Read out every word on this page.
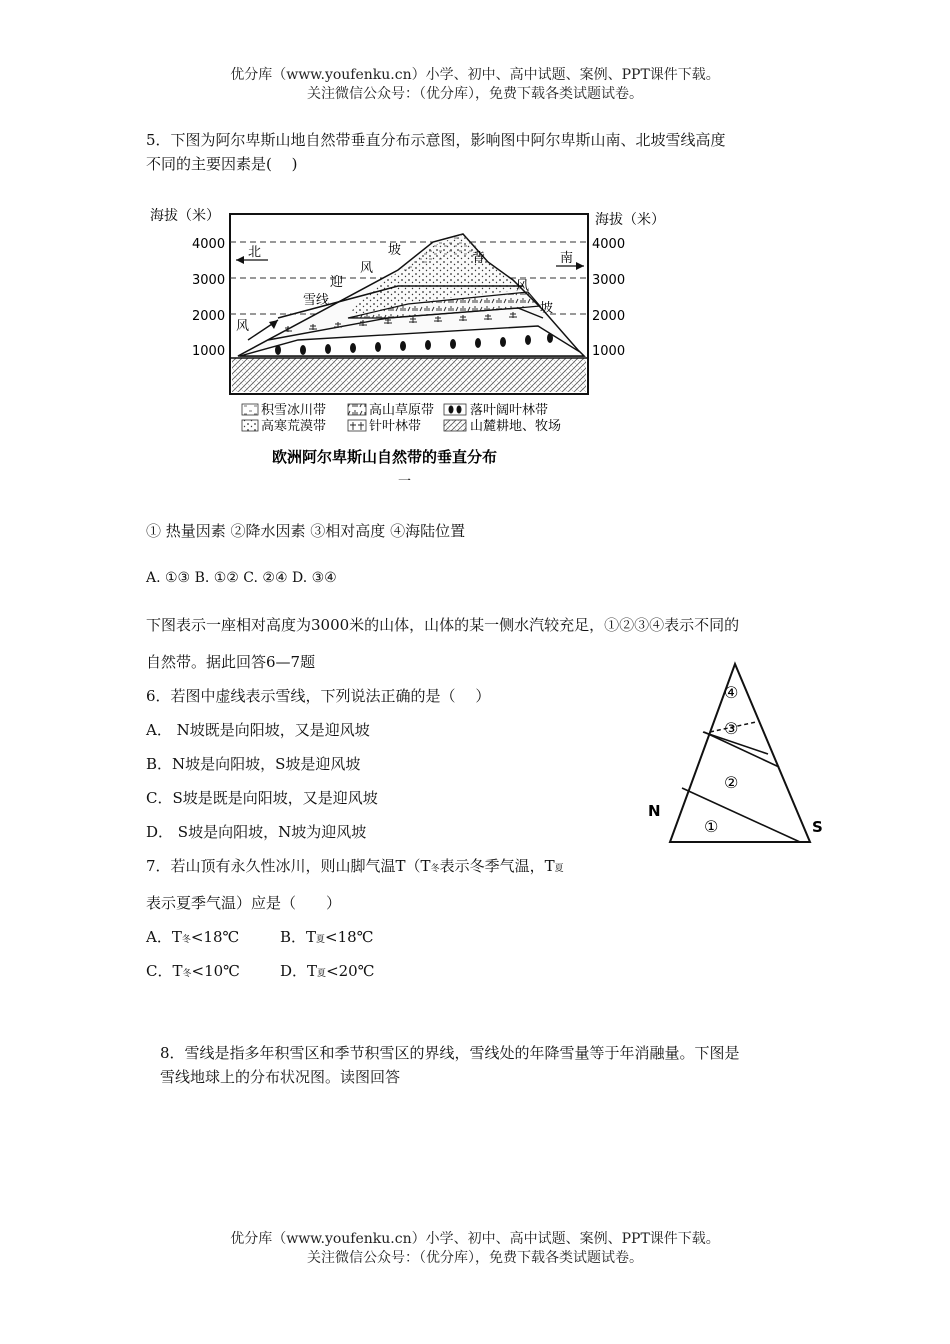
优分库（www.youfenku.cn）小学、初中、高中试题、案例、PPT课件下载。
关注微信公众号：（优分库），免费下载各类试题试卷。
5．下图为阿尔卑斯山地自然带垂直分布示意图，影响图中阿尔卑斯山南、北坡雪线高度
不同的主要因素是(　 )
海拔（米）	海拔（米）
4000
3000
2000
1000
4000
3000
2000
1000
北	南
风
雪线
迎
风
坡
背
风
坡
积雪冰川带	高山草原带	落叶阔叶林带
高寒荒漠带	针叶林带	山麓耕地、牧场
欧洲阿尔卑斯山自然带的垂直分布
一
① 热量因素 ②降水因素 ③相对高度 ④海陆位置
A. ①③ B. ①② C. ②④ D. ③④
下图表示一座相对高度为3000米的山体，山体的某一侧水汽较充足，①②③④表示不同的
自然带。据此回答6—7题
6．若图中虚线表示雪线，下列说法正确的是（　 ）
A． N坡既是向阳坡，又是迎风坡
B．N坡是向阳坡，S坡是迎风坡
C．S坡是既是向阳坡，又是迎风坡
D． S坡是向阳坡，N坡为迎风坡
④
③
②
①
N
S
7．若山顶有永久性冰川，则山脚气温T（T冬表示冬季气温，T夏
表示夏季气温）应是（　　）
A．T冬<18℃	B．T夏<18℃
C．T冬<10℃	D．T夏<20℃
8．雪线是指多年积雪区和季节积雪区的界线，雪线处的年降雪量等于年消融量。下图是
雪线地球上的分布状况图。读图回答
优分库（www.youfenku.cn）小学、初中、高中试题、案例、PPT课件下载。
关注微信公众号：（优分库），免费下载各类试题试卷。
